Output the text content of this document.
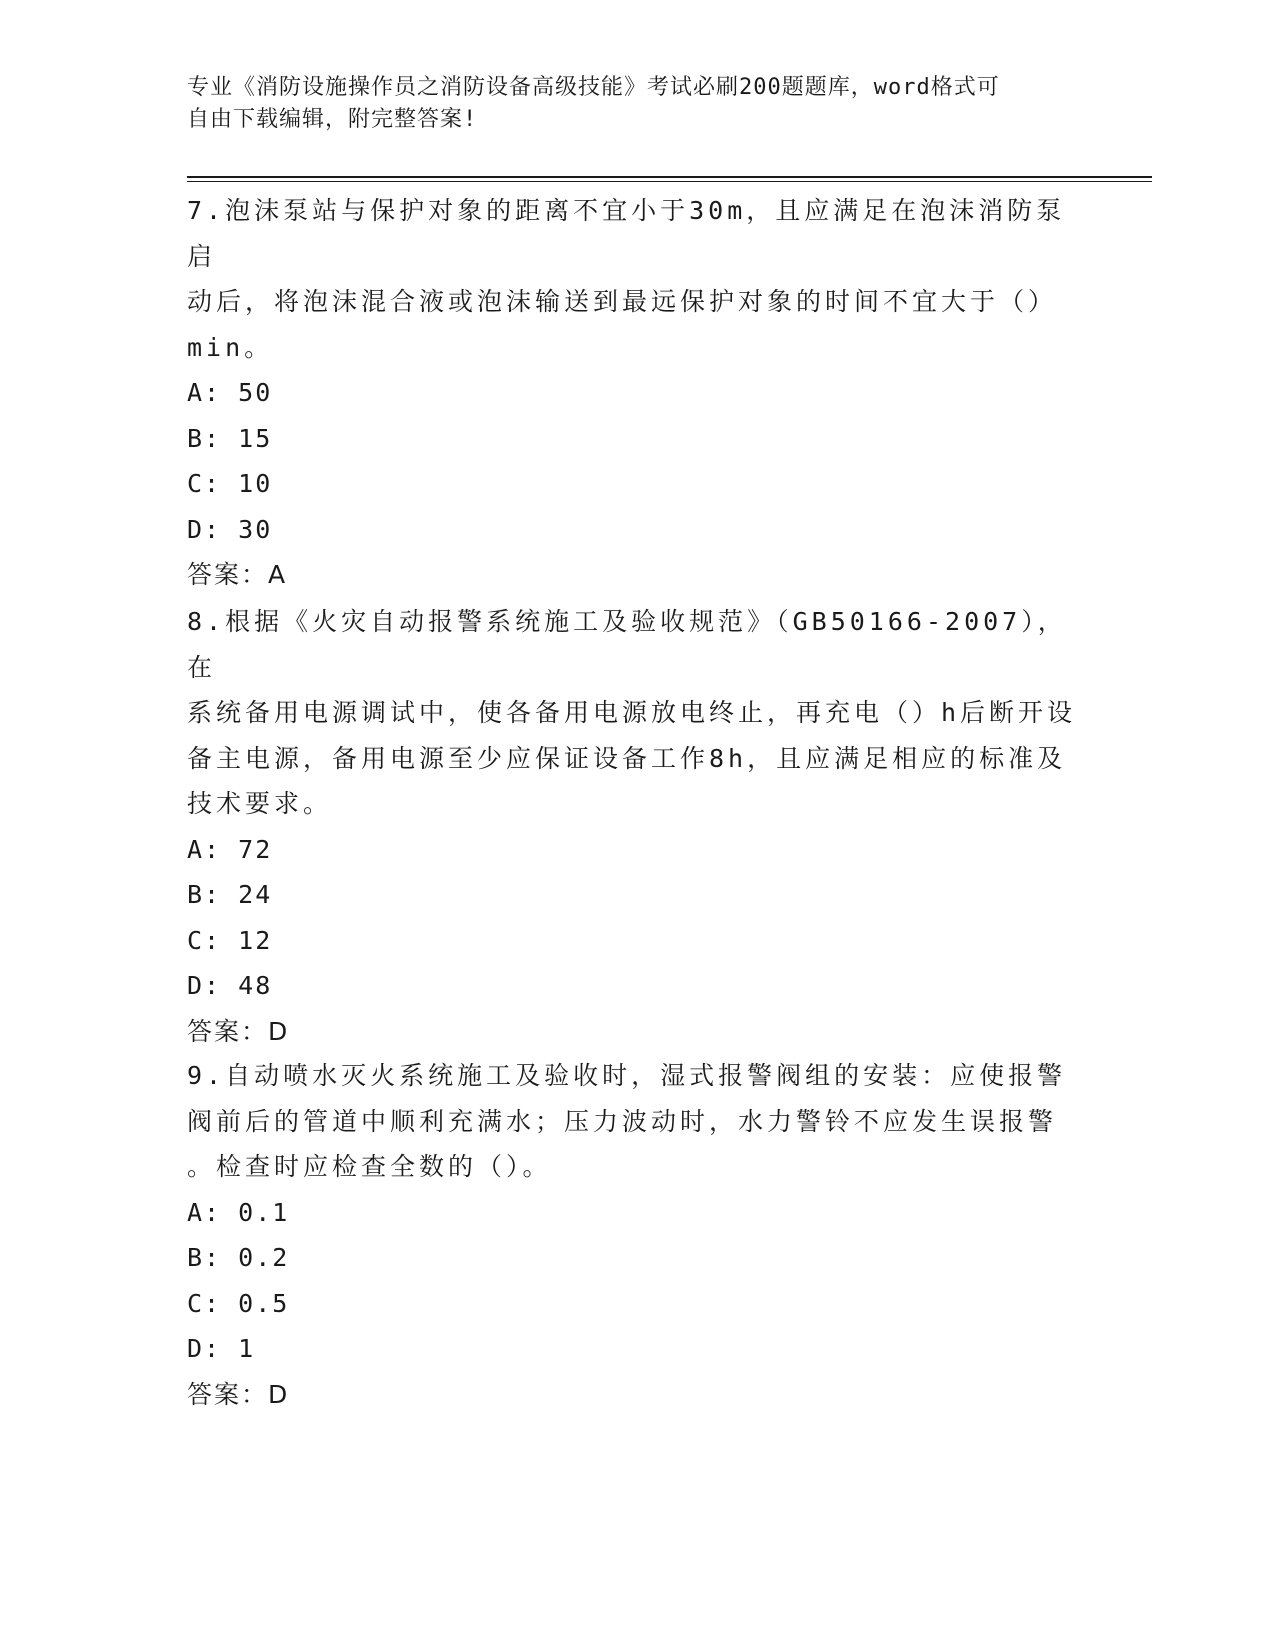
专业《消防设施操作员之消防设备高级技能》考试必刷200题题库，word格式可
自由下载编辑，附完整答案!

7.泡沫泵站与保护对象的距离不宜小于30m，且应满足在泡沫消防泵启

动后，将泡沫混合液或泡沫输送到最远保护对象的时间不宜大于（）

min。

A: 50

B: 15

C: 10

D: 30

答案：A

8.根据《火灾自动报警系统施工及验收规范》（GB50166-2007），在

系统备用电源调试中，使各备用电源放电终止，再充电（）h后断开设

备主电源，备用电源至少应保证设备工作8h，且应满足相应的标准及

技术要求。

A: 72

B: 24

C: 12

D: 48

答案：D

9.自动喷水灭火系统施工及验收时，湿式报警阀组的安装：应使报警

阀前后的管道中顺利充满水；压力波动时，水力警铃不应发生误报警

。检查时应检查全数的（）。

A: 0.1

B: 0.2

C: 0.5

D: 1

答案：D
